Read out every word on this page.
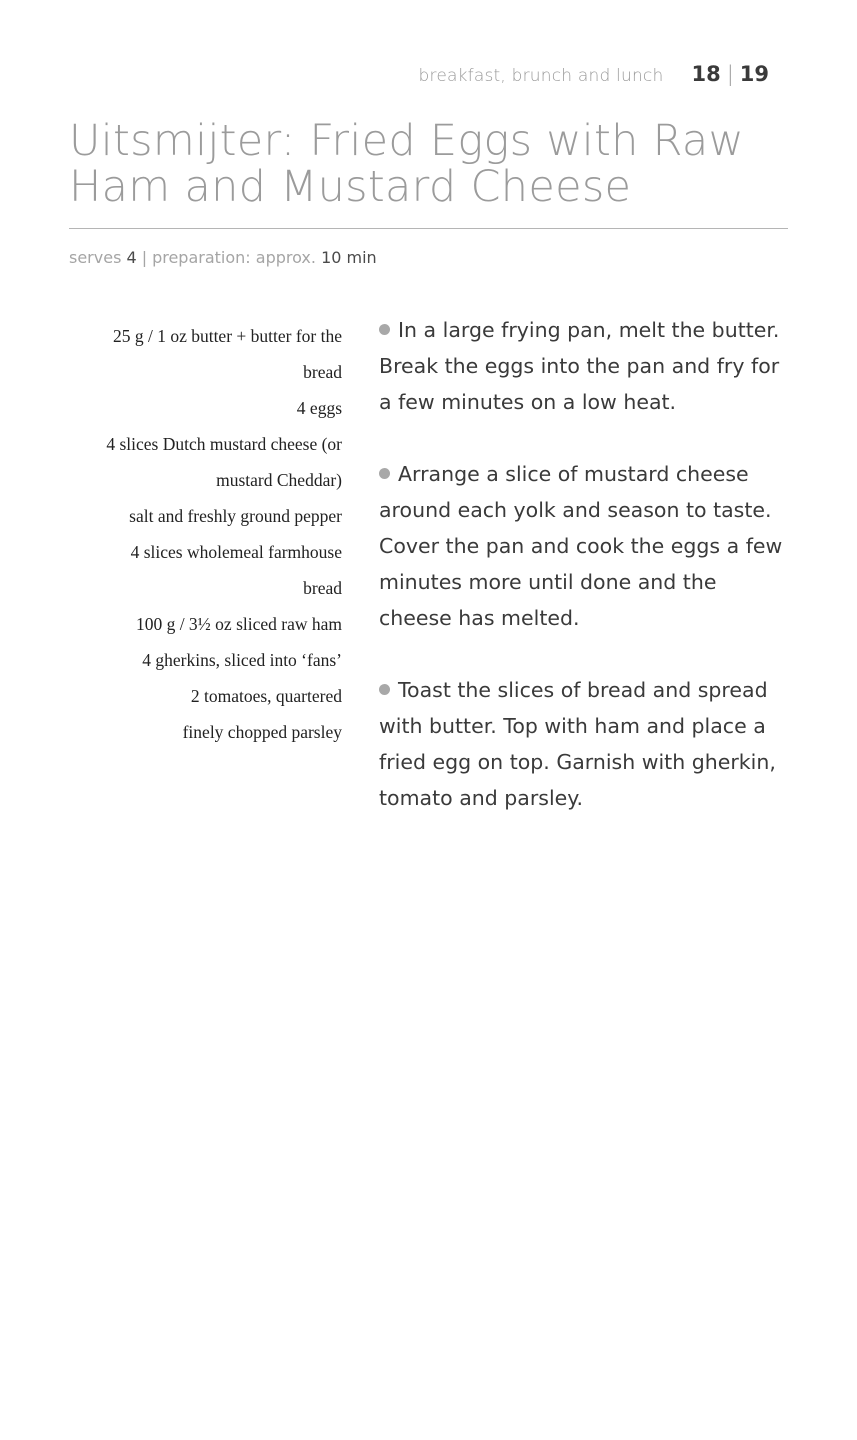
breakfast, brunch and lunch 18 | 19
Uitsmijter: Fried Eggs with Raw Ham and Mustard Cheese
serves 4 | preparation: approx. 10 min
25 g / 1 oz butter + butter for the bread
4 eggs
4 slices Dutch mustard cheese (or mustard Cheddar)
salt and freshly ground pepper
4 slices wholemeal farmhouse bread
100 g / 3½ oz sliced raw ham
4 gherkins, sliced into ‘fans’
2 tomatoes, quartered
finely chopped parsley

In a large frying pan, melt the butter. Break the eggs into the pan and fry for a few minutes on a low heat.

Arrange a slice of mustard cheese around each yolk and season to taste. Cover the pan and cook the eggs a few minutes more until done and the cheese has melted.

Toast the slices of bread and spread with butter. Top with ham and place a fried egg on top. Garnish with gherkin, tomato and parsley.
